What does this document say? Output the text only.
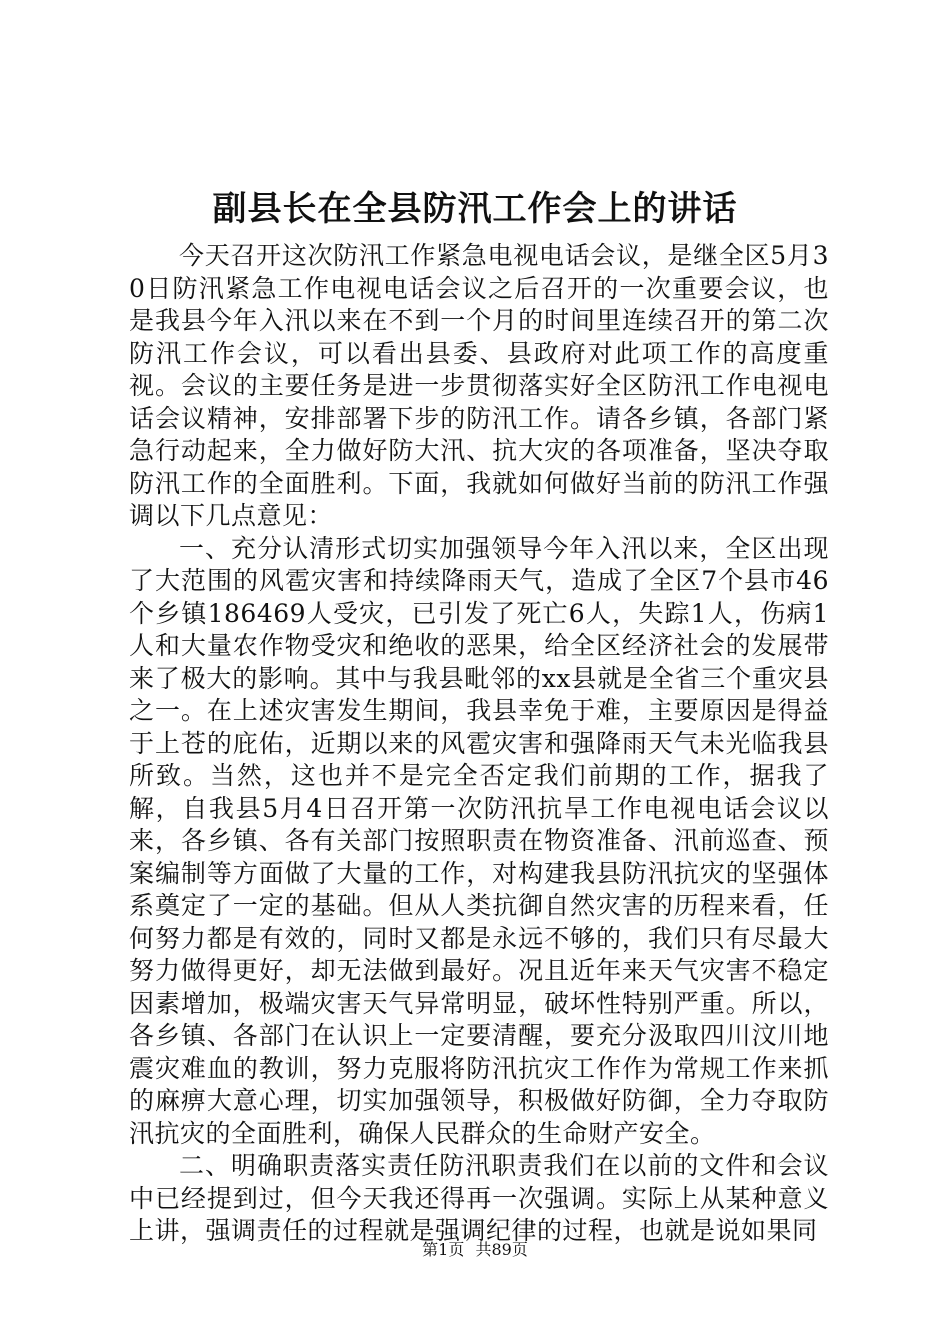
副县长在全县防汛工作会上的讲话

今天召开这次防汛工作紧急电视电话会议，是继全区5月30日防汛紧急工作电视电话会议之后召开的一次重要会议，也是我县今年入汛以来在不到一个月的时间里连续召开的第二次防汛工作会议，可以看出县委、县政府对此项工作的高度重视。会议的主要任务是进一步贯彻落实好全区防汛工作电视电话会议精神，安排部署下步的防汛工作。请各乡镇，各部门紧急行动起来，全力做好防大汛、抗大灾的各项准备，坚决夺取防汛工作的全面胜利。下面，我就如何做好当前的防汛工作强调以下几点意见：

一、充分认清形式切实加强领导今年入汛以来，全区出现了大范围的风雹灾害和持续降雨天气，造成了全区7个县市46个乡镇186469人受灾，已引发了死亡6人，失踪1人，伤病1人和大量农作物受灾和绝收的恶果，给全区经济社会的发展带来了极大的影响。其中与我县毗邻的xx县就是全省三个重灾县之一。在上述灾害发生期间，我县幸免于难，主要原因是得益于上苍的庇佑，近期以来的风雹灾害和强降雨天气未光临我县所致。当然，这也并不是完全否定我们前期的工作，据我了解，自我县5月4日召开第一次防汛抗旱工作电视电话会议以来，各乡镇、各有关部门按照职责在物资准备、汛前巡查、预案编制等方面做了大量的工作，对构建我县防汛抗灾的坚强体系奠定了一定的基础。但从人类抗御自然灾害的历程来看，任何努力都是有效的，同时又都是永远不够的，我们只有尽最大努力做得更好，却无法做到最好。况且近年来天气灾害不稳定因素增加，极端灾害天气异常明显，破坏性特别严重。所以，各乡镇、各部门在认识上一定要清醒，要充分汲取四川汶川地震灾难血的教训，努力克服将防汛抗灾工作作为常规工作来抓的麻痹大意心理，切实加强领导，积极做好防御，全力夺取防汛抗灾的全面胜利，确保人民群众的生命财产安全。

二、明确职责落实责任防汛职责我们在以前的文件和会议中已经提到过，但今天我还得再一次强调。实际上从某种意义上讲，强调责任的过程就是强调纪律的过程，也就是说如果同

第1页 共89页
